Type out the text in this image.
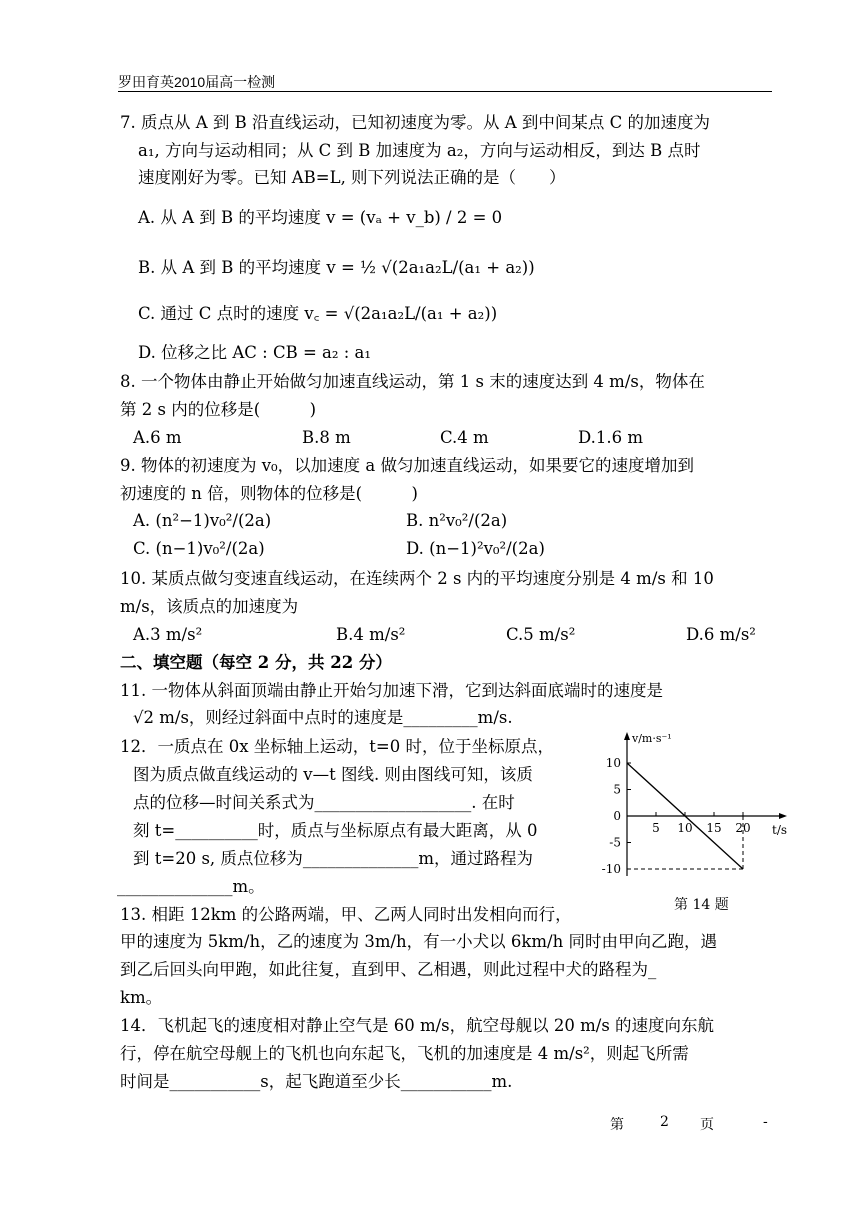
罗田育英2010届高一检测
7. 质点从 A 到 B 沿直线运动，已知初速度为零。从 A 到中间某点 C 的加速度为
a₁, 方向与运动相同；从 C 到 B 加速度为 a₂，方向与运动相反，到达 B 点时
速度刚好为零。已知 AB=L, 则下列说法正确的是（　　）
A. 从 A 到 B 的平均速度 v = (vₐ + v_b) / 2 = 0
B. 从 A 到 B 的平均速度 v = ½ √(2a₁a₂L/(a₁ + a₂))
C. 通过 C 点时的速度 v꜀ = √(2a₁a₂L/(a₁ + a₂))
D. 位移之比 AC : CB = a₂ : a₁
8. 一个物体由静止开始做匀加速直线运动，第 1 s 末的速度达到 4 m/s，物体在
第 2 s 内的位移是(　　　)
A.6 m	B.8 m	C.4 m	D.1.6 m
9. 物体的初速度为 v₀，以加速度 a 做匀加速直线运动，如果要它的速度增加到
初速度的 n 倍，则物体的位移是(　　　)
A. (n²−1)v₀²/(2a)	B. n²v₀²/(2a)
C. (n−1)v₀²/(2a)	D. (n−1)²v₀²/(2a)
10. 某质点做匀变速直线运动，在连续两个 2 s 内的平均速度分别是 4 m/s 和 10
m/s，该质点的加速度为
A.3 m/s²	B.4 m/s²	C.5 m/s²	D.6 m/s²
二、填空题（每空 2 分，共 22 分）
11. 一物体从斜面顶端由静止开始匀加速下滑，它到达斜面底端时的速度是
√2 m/s，则经过斜面中点时的速度是_________m/s.
12．一质点在 0x 坐标轴上运动，t=0 时，位于坐标原点，
图为质点做直线运动的 v—t 图线. 则由图线可知，该质
点的位移—时间关系式为___________________. 在时
刻 t=__________时，质点与坐标原点有最大距离，从 0
到 t=20 s, 质点位移为______________m，通过路程为
______________m。
v/m·s⁻¹
t/s
10
5
0
-5
-10
5 10 15 20
第 14 题
13. 相距 12km 的公路两端，甲、乙两人同时出发相向而行，
甲的速度为 5km/h，乙的速度为 3m/h，有一小犬以 6km/h 同时由甲向乙跑，遇
到乙后回头向甲跑，如此往复，直到甲、乙相遇，则此过程中犬的路程为_
km。
14．飞机起飞的速度相对静止空气是 60 m/s，航空母舰以 20 m/s 的速度向东航
行，停在航空母舰上的飞机也向东起飞，飞机的加速度是 4 m/s²，则起飞所需
时间是___________s，起飞跑道至少长___________m.
第	2 页	-
